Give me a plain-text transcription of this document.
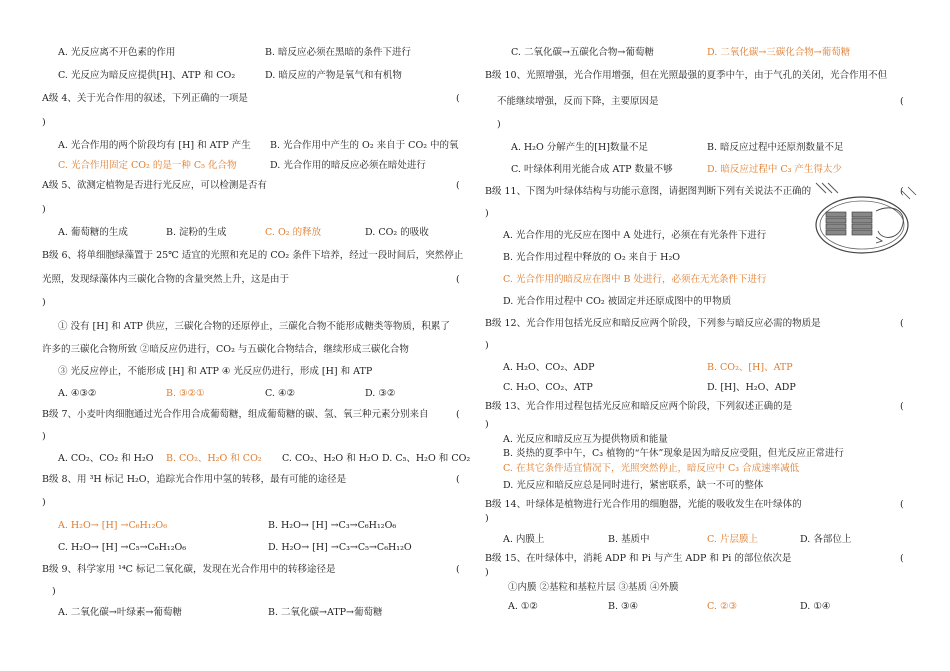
A. 光反应离不开色素的作用	B. 暗反应必须在黑暗的条件下进行
C. 光反应为暗反应提供[H]、ATP 和 CO₂	D. 暗反应的产物是氧气和有机物
A级 4、关于光合作用的叙述，下列正确的一项是	(
)
A. 光合作用的两个阶段均有 [H] 和 ATP 产生 B. 光合作用中产生的 O₂ 来自于 CO₂ 中的氧
C. 光合作用固定 CO₂ 的是一种 C₅ 化合物	D. 光合作用的暗反应必须在暗处进行
A级 5、欲测定植物是否进行光反应，可以检测是否有	(
)
A. 葡萄糖的生成	B. 淀粉的生成	C. O₂ 的释放	D. CO₂ 的吸收
B级 6、将单细胞绿藻置于 25℃ 适宜的光照和充足的 CO₂ 条件下培养，经过一段时间后，突然停止
光照，发现绿藻体内三碳化合物的含量突然上升，这是由于	(
)
① 没有 [H] 和 ATP 供应，三碳化合物的还原停止，三碳化合物不能形成糖类等物质，积累了
许多的三碳化合物所致 ②暗反应仍进行，CO₂ 与五碳化合物结合，继续形成三碳化合物
③ 光反应停止，不能形成 [H] 和 ATP ④ 光反应仍进行，形成 [H] 和 ATP
A. ④③②	B. ③②①	C. ④②	D. ③②
B级 7、小麦叶肉细胞通过光合作用合成葡萄糖，组成葡萄糖的碳、氢、氧三种元素分别来自	(
)
A. CO₂、CO₂ 和 H₂O B. CO₂、H₂O 和 CO₂ C. CO₂、H₂O 和 H₂O D. C₅、H₂O 和 CO₂
B级 8、用 ³H 标记 H₂O，追踪光合作用中氢的转移，最有可能的途径是	(
)
A. H₂O→ [H] →C₆H₁₂O₆	B. H₂O→ [H] →C₃→C₆H₁₂O₆
C. H₂O→ [H] →C₅→C₆H₁₂O₆	D. H₂O→ [H] →C₃→C₅→C₆H₁₂O
B级 9、科学家用 ¹⁴C 标记二氧化碳，发现在光合作用中的转移途径是	(
)
A. 二氧化碳→叶绿素→葡萄糖	B. 二氧化碳→ATP→葡萄糖
C. 二氧化碳→五碳化合物→葡萄糖	D. 二氧化碳→三碳化合物→葡萄糖
B级 10、光照增强，光合作用增强，但在光照最强的夏季中午，由于气孔的关闭，光合作用不但
不能继续增强，反而下降，主要原因是	(
)
A. H₂O 分解产生的[H]数量不足	B. 暗反应过程中还原剂数量不足
C. 叶绿体利用光能合成 ATP 数量不够	D. 暗反应过程中 C₃ 产生得太少
B级 11、下图为叶绿体结构与功能示意图，请据图判断下列有关说法不正确的	(
)
A. 光合作用的光反应在图中 A 处进行，必须在有光条件下进行
B. 光合作用过程中释放的 O₂ 来自于 H₂O
C. 光合作用的暗反应在图中 B 处进行，必须在无光条件下进行
D. 光合作用过程中 CO₂ 被固定并还原成图中的甲物质
B级 12、光合作用包括光反应和暗反应两个阶段，下列参与暗反应必需的物质是	(
)
A. H₂O、CO₂、ADP	B. CO₂、[H]、ATP
C. H₂O、CO₂、ATP	D. [H]、H₂O、ADP
B级 13、光合作用过程包括光反应和暗反应两个阶段，下列叙述正确的是	(
)
A. 光反应和暗反应互为提供物质和能量
B. 炎热的夏季中午，C₃ 植物的“午休”现象是因为暗反应受阻，但光反应正常进行
C. 在其它条件适宜情况下，光照突然停止，暗反应中 C₃ 合成速率减低
D. 光反应和暗反应总是同时进行，紧密联系，缺一不可的整体
B级 14、叶绿体是植物进行光合作用的细胞器，光能的吸收发生在叶绿体的	(
)
A. 内膜上	B. 基质中	C. 片层膜上	D. 各部位上
B级 15、在叶绿体中，消耗 ADP 和 Pi 与产生 ADP 和 Pi 的部位依次是	(
)
①内膜 ②基粒和基粒片层 ③基质 ④外膜
A. ①②	B. ③④	C. ②③	D. ①④
